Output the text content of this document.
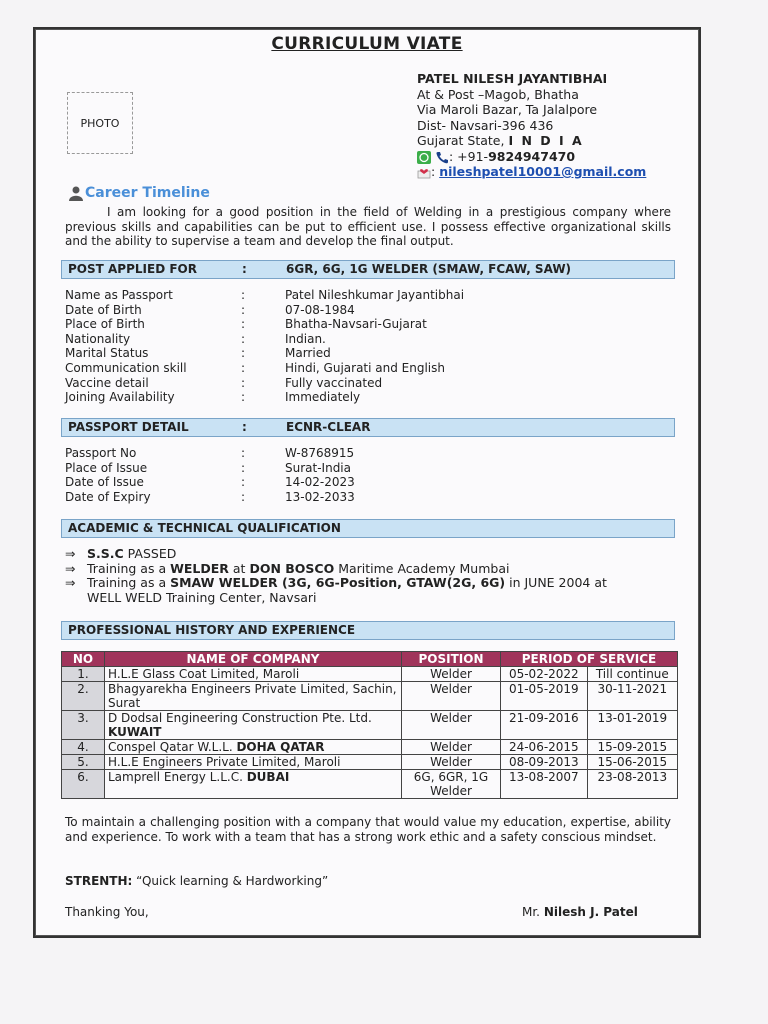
CURRICULUM VIATE
PHOTO
PATEL NILESH JAYANTIBHAI
At & Post –Magob, Bhatha
Via Maroli Bazar, Ta Jalalpore
Dist- Navsari-396 436
Gujarat State, I N D I A
: +91-9824947470
: nileshpatel10001@gmail.com
Career Timeline
I am looking for a good position in the field of Welding in a prestigious company where previous skills and capabilities can be put to efficient use. I possess effective organizational skills and the ability to supervise a team and develop the final output.
POST APPLIED FOR	:	6GR, 6G, 1G WELDER (SMAW, FCAW, SAW)
Name as Passport	:	Patel Nileshkumar Jayantibhai
Date of Birth	:	07-08-1984
Place of Birth	:	Bhatha-Navsari-Gujarat
Nationality	:	Indian.
Marital Status	:	Married
Communication skill	:	Hindi, Gujarati and English
Vaccine detail	:	Fully vaccinated
Joining Availability	:	Immediately
PASSPORT DETAIL	:	ECNR-CLEAR
Passport No	:	W-8768915
Place of Issue	:	Surat-India
Date of Issue	:	14-02-2023
Date of Expiry	:	13-02-2033
ACADEMIC & TECHNICAL QUALIFICATION
⇒ S.S.C PASSED
⇒ Training as a WELDER at DON BOSCO Maritime Academy Mumbai
⇒ Training as a SMAW WELDER (3G, 6G-Position, GTAW(2G, 6G) in JUNE 2004 at
WELL WELD Training Center, Navsari
PROFESSIONAL HISTORY AND EXPERIENCE
NO	NAME OF COMPANY	POSITION	PERIOD OF SERVICE	
1.	H.L.E Glass Coat Limited, Maroli	Welder	05-02-2022	Till continue
2.	Bhagyarekha Engineers Private Limited, Sachin, Surat	Welder	01-05-2019	30-11-2021
3.	D Dodsal Engineering Construction Pte. Ltd.
KUWAIT	Welder	21-09-2016	13-01-2019
4.	Conspel Qatar W.L.L. DOHA QATAR	Welder	24-06-2015	15-09-2015
5.	H.L.E Engineers Private Limited, Maroli	Welder	08-09-2013	15-06-2015
6.	Lamprell Energy L.L.C. DUBAI	6G, 6GR, 1G Welder	13-08-2007	23-08-2013
To maintain a challenging position with a company that would value my education, expertise, ability and experience. To work with a team that has a strong work ethic and a safety conscious mindset.
STRENTH: “Quick learning & Hardworking”
Thanking You,	Mr. Nilesh J. Patel
